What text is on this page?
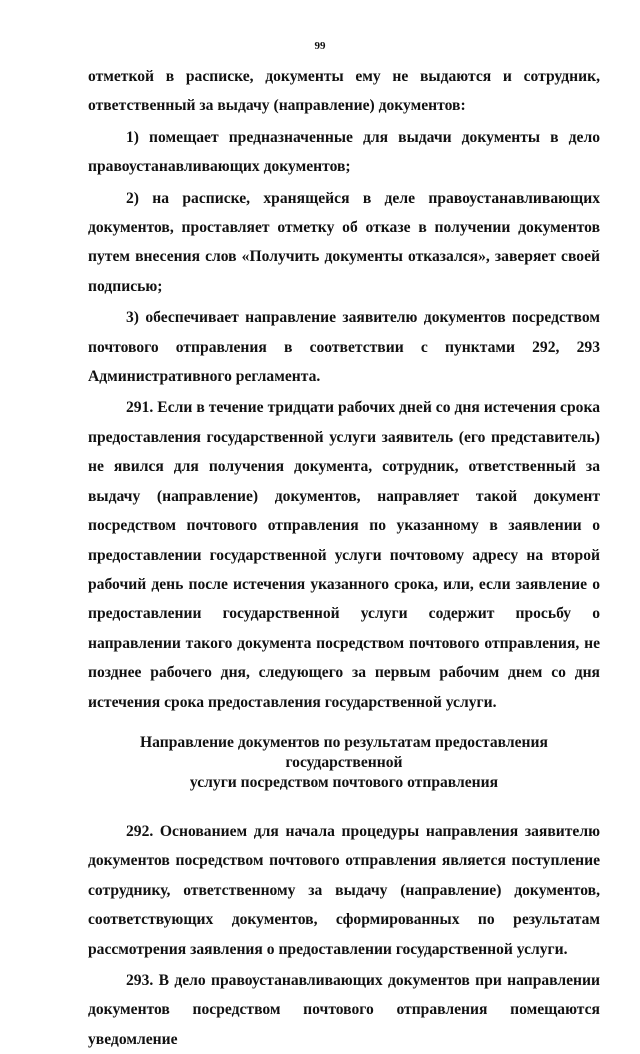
99

отметкой в расписке, документы ему не выдаются и сотрудник, ответственный за выдачу (направление) документов:

1) помещает предназначенные для выдачи документы в дело правоустанавливающих документов;

2) на расписке, хранящейся в деле правоустанавливающих документов, проставляет отметку об отказе в получении документов путем внесения слов «Получить документы отказался», заверяет своей подписью;

3) обеспечивает направление заявителю документов посредством почтового отправления в соответствии с пунктами 292, 293 Административного регламента.

291. Если в течение тридцати рабочих дней со дня истечения срока предоставления государственной услуги заявитель (его представитель) не явился для получения документа, сотрудник, ответственный за выдачу (направление) документов, направляет такой документ посредством почтового отправления по указанному в заявлении о предоставлении государственной услуги почтовому адресу на второй рабочий день после истечения указанного срока, или, если заявление о предоставлении государственной услуги содержит просьбу о направлении такого документа посредством почтового отправления, не позднее рабочего дня, следующего за первым рабочим днем со дня истечения срока предоставления государственной услуги.

Направление документов по результатам предоставления государственной
услуги посредством почтового отправления

292. Основанием для начала процедуры направления заявителю документов посредством почтового отправления является поступление сотруднику, ответственному за выдачу (направление) документов, соответствующих документов, сформированных по результатам рассмотрения заявления о предоставлении государственной услуги.

293. В дело правоустанавливающих документов при направлении документов посредством почтового отправления помещаются уведомление
